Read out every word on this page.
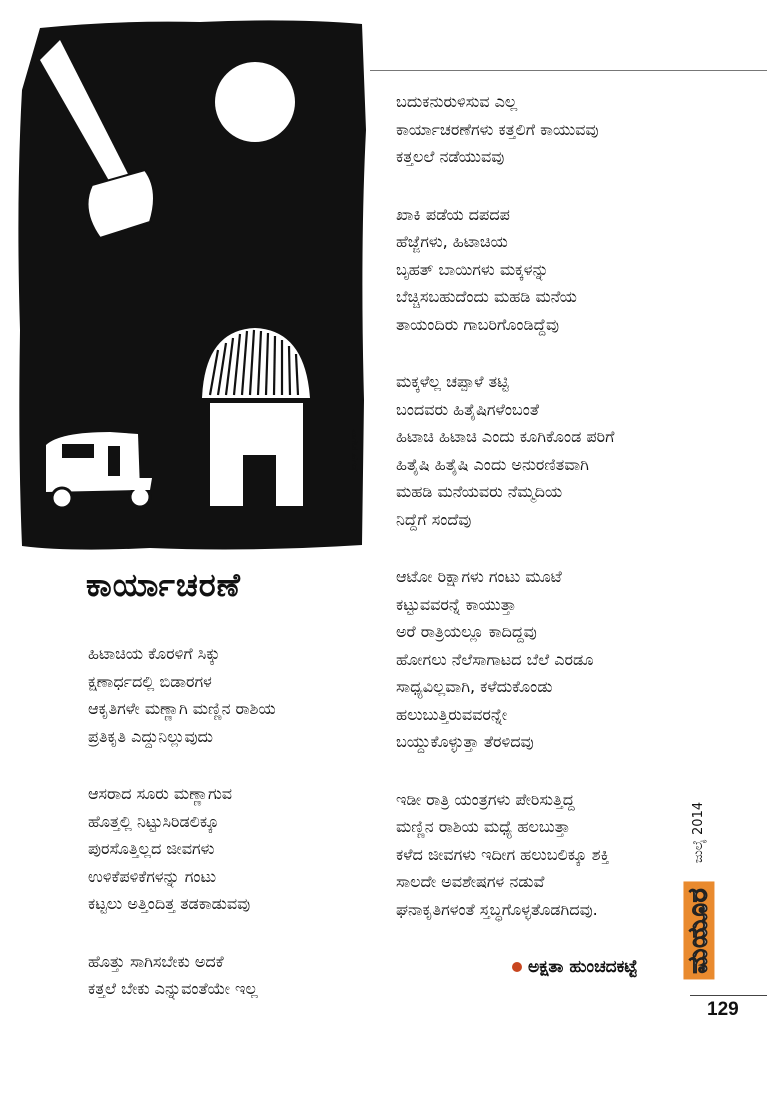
ನಾಗೇಶ ಹೆಗಡೆ
ಕಾರ್ಯಾಚರಣೆ
ಹಿಟಾಚಿಯ ಕೊರಳಿಗೆ ಸಿಕ್ಕು
ಕ್ಷಣಾರ್ಧದಲ್ಲಿ ಬಿಡಾರಗಳ
ಆಕೃತಿಗಳೇ ಮಣ್ಣಾಗಿ ಮಣ್ಣಿನ ರಾಶಿಯ
ಪ್ರತಿಕೃತಿ ಎದ್ದುನಿಲ್ಲುವುದು
ಆಸರಾದ ಸೂರು ಮಣ್ಣಾಗುವ
ಹೊತ್ತಲ್ಲಿ ನಿಟ್ಟುಸಿರಿಡಲಿಕ್ಕೂ
ಪುರಸೊತ್ತಿಲ್ಲದ ಜೀವಗಳು
ಉಳಿಕೆಪಳಿಕೆಗಳನ್ನು ಗಂಟು
ಕಟ್ಟಲು ಅತ್ತಿಂದಿತ್ತ ತಡಕಾಡುವವು
ಹೊತ್ತು ಸಾಗಿಸಬೇಕು ಅದಕೆ
ಕತ್ತಲೆ ಬೇಕು ಎನ್ನುವಂತೆಯೇ ಇಲ್ಲ
ಬದುಕನುರುಳಿಸುವ ಎಲ್ಲ
ಕಾರ್ಯಾಚರಣೆಗಳು ಕತ್ತಲಿಗೆ ಕಾಯುವವು
ಕತ್ತಲಲೆ ನಡೆಯುವವು
ಖಾಕಿ ಪಡೆಯ ದಪದಪ
ಹೆಜ್ಜೆಗಳು, ಹಿಟಾಚಿಯ
ಬೃಹತ್ ಬಾಯಿಗಳು ಮಕ್ಕಳನ್ನು
ಬೆಚ್ಚಿಸಬಹುದೆಂದು ಮಹಡಿ ಮನೆಯ
ತಾಯಂದಿರು ಗಾಬರಿಗೊಂಡಿದ್ದೆವು
ಮಕ್ಕಳೆಲ್ಲ ಚಪ್ಪಾಳೆ ತಟ್ಟಿ
ಬಂದವರು ಹಿತೈಷಿಗಳೆಂಬಂತೆ
ಹಿಟಾಚಿ ಹಿಟಾಚಿ ಎಂದು ಕೂಗಿಕೊಂಡ ಪರಿಗೆ
ಹಿತೈಷಿ ಹಿತೈಷಿ ಎಂದು ಅನುರಣಿತವಾಗಿ
ಮಹಡಿ ಮನೆಯವರು ನೆಮ್ಮದಿಯ
ನಿದ್ದೆಗೆ ಸಂದೆವು
ಆಟೋ ರಿಕ್ಷಾಗಳು ಗಂಟು ಮೂಟೆ
ಕಟ್ಟುವವರನ್ನೆ ಕಾಯುತ್ತಾ
ಅರೆ ರಾತ್ರಿಯಲ್ಲೂ ಕಾದಿದ್ದವು
ಹೋಗಲು ನೆಲೆಸಾಗಾಟದ ಬೆಲೆ ಎರಡೂ
ಸಾಧ್ಯವಿಲ್ಲವಾಗಿ, ಕಳೆದುಕೊಂಡು
ಹಲುಬುತ್ತಿರುವವರನ್ನೇ
ಬಯ್ದುಕೊಳ್ಳುತ್ತಾ ತೆರಳಿದವು
ಇಡೀ ರಾತ್ರಿ ಯಂತ್ರಗಳು ಪೇರಿಸುತ್ತಿದ್ದ
ಮಣ್ಣಿನ ರಾಶಿಯ ಮಧ್ಯೆ ಹಲಬುತ್ತಾ
ಕಳೆದ ಜೀವಗಳು ಇದೀಗ ಹಲುಬಲಿಕ್ಕೂ ಶಕ್ತಿ
ಸಾಲದೇ ಅವಶೇಷಗಳ ನಡುವೆ
ಘನಾಕೃತಿಗಳಂತೆ ಸ್ತಬ್ಧಗೊಳ್ಳತೊಡಗಿದವು.
ಅಕ್ಷತಾ ಹುಂಚದಕಟ್ಟೆ
ಜುಲೈ 2014
ಮಯೂರ
129
